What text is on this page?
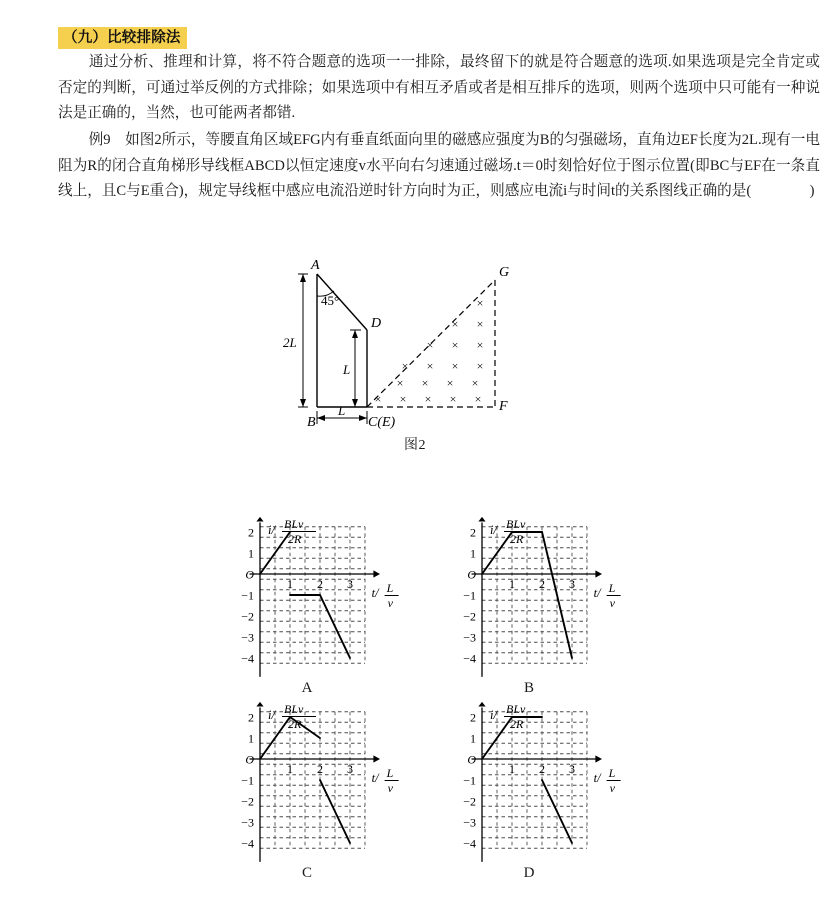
（九）比较排除法
通过分析、推理和计算，将不符合题意的选项一一排除，最终留下的就是符合题意的选项.如果选项是完全肯定或否定的判断，可通过举反例的方式排除；如果选项中有相互矛盾或者是相互排斥的选项，则两个选项中只可能有一种说法是正确的，当然，也可能两者都错.
例9　如图2所示，等腰直角区域EFG内有垂直纸面向里的磁感应强度为B的匀强磁场，直角边EF长度为2L.现有一电阻为R的闭合直角梯形导线框ABCD以恒定速度v水平向右匀速通过磁场.t＝0时刻恰好位于图示位置(即BC与EF在一条直线上，且C与E重合)，规定导线框中感应电流沿逆时针方向时为正，则感应电流i与时间t的关系图线正确的是(　　　　)
×
× ×
× × ×
× × × ×
× × × ×
× × × × ×
A
B	C(E)
D
F
G
2L
L
L
45°
图2
2
1
O
−1
−2
−3
−4
1 2 3
i/ BLv
2R
t/ L
v
A
2
1
O
−1
−2
−3
−4
1 2 3
i/ BLv
2R
t/ L
v
B
2
1
O
−1
−2
−3
−4
1 2 3
i/ BLv
2R
t/ L
v
C
2
1
O
−1
−2
−3
−4
1 2 3
i/ BLv
2R
t/ L
v
D
